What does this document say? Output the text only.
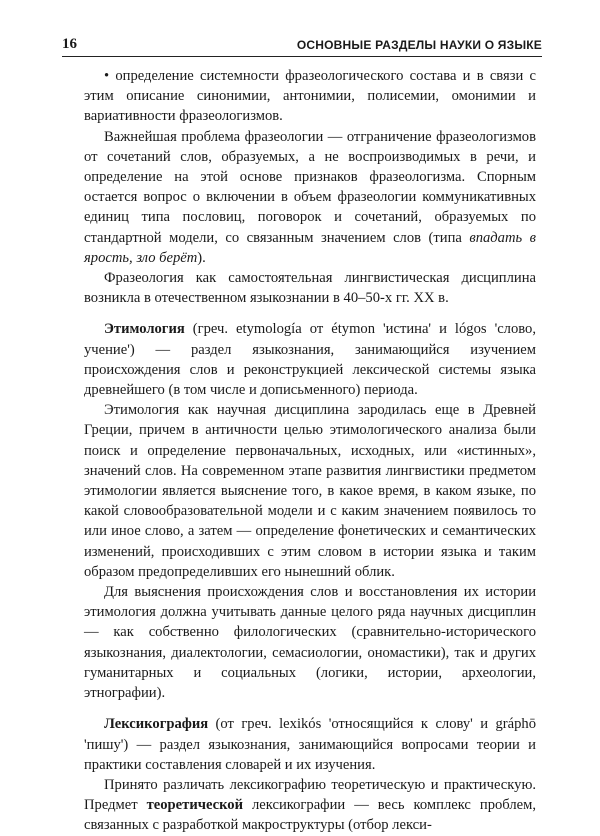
16	ОСНОВНЫЕ РАЗДЕЛЫ НАУКИ О ЯЗЫКЕ

• определение системности фразеологического состава и в связи с этим описание синонимии, антонимии, полисемии, омонимии и вариативности фразеологизмов.

Важнейшая проблема фразеологии — отграничение фразеологизмов от сочетаний слов, образуемых, а не воспроизводимых в речи, и определение на этой основе признаков фразеологизма. Спорным остается вопрос о включении в объем фразеологии коммуникативных единиц типа пословиц, поговорок и сочетаний, образуемых по стандартной модели, со связанным значением слов (типа впадать в ярость, зло берёт).

Фразеология как самостоятельная лингвистическая дисциплина возникла в отечественном языкознании в 40–50-х гг. XX в.

Этимология (греч. etymología от étymon 'истина' и lógos 'слово, учение') — раздел языкознания, занимающийся изучением происхождения слов и реконструкцией лексической системы языка древнейшего (в том числе и дописьменного) периода.

Этимология как научная дисциплина зародилась еще в Древней Греции, причем в античности целью этимологического анализа были поиск и определение первоначальных, исходных, или «истинных», значений слов. На современном этапе развития лингвистики предметом этимологии является выяснение того, в какое время, в каком языке, по какой словообразовательной модели и с каким значением появилось то или иное слово, а затем — определение фонетических и семантических изменений, происходивших с этим словом в истории языка и таким образом предопределивших его нынешний облик.

Для выяснения происхождения слов и восстановления их истории этимология должна учитывать данные целого ряда научных дисциплин — как собственно филологических (сравнительно-исторического языкознания, диалектологии, семасиологии, ономастики), так и других гуманитарных и социальных (логики, истории, археологии, этнографии).

Лексикография (от греч. lexikós 'относящийся к слову' и gráphō 'пишу') — раздел языкознания, занимающийся вопросами теории и практики составления словарей и их изучения.

Принято различать лексикографию теоретическую и практическую. Предмет теоретической лексикографии — весь комплекс проблем, связанных с разработкой макроструктуры (отбор лекси-
